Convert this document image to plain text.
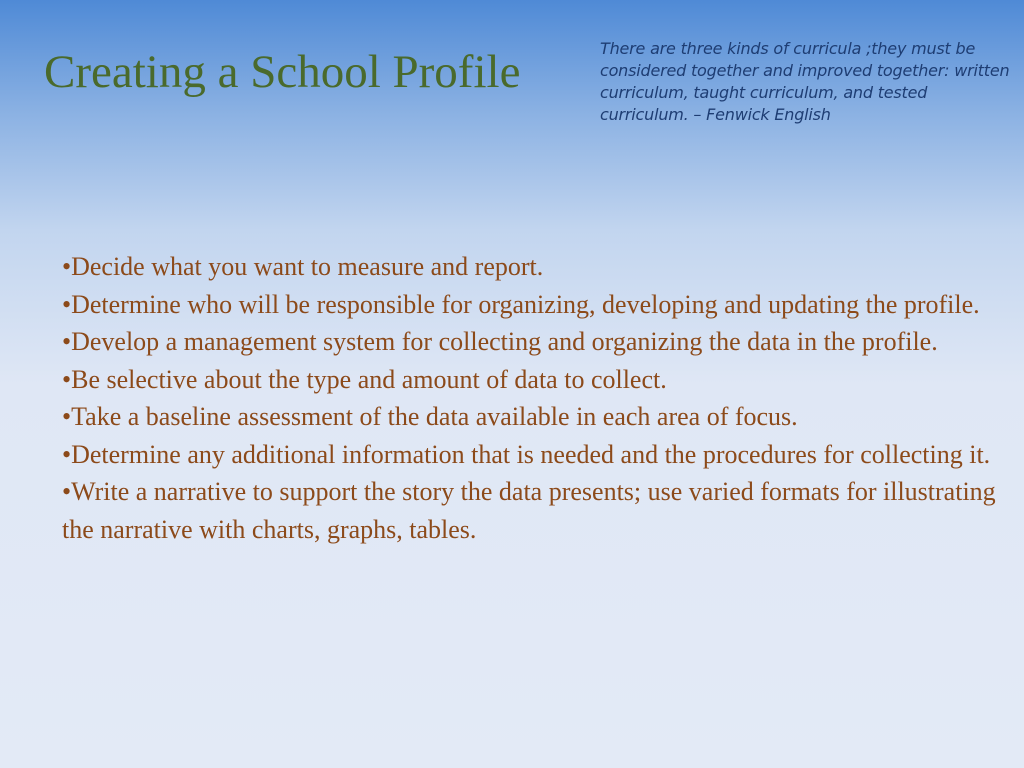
Creating a School Profile	There are three kinds of curricula ;they must be considered together and improved together: written curriculum, taught curriculum, and tested curriculum. – Fenwick English

•Decide what you want to measure and report.
•Determine who will be responsible for organizing, developing and updating the profile.
•Develop a management system for collecting and organizing the data in the profile.
•Be selective about the type and amount of data to collect.
•Take a baseline assessment of the data available in each area of focus.
•Determine any additional information that is needed and the procedures for collecting it.
•Write a narrative to support the story the data presents; use varied formats for illustrating the narrative with charts, graphs, tables.
